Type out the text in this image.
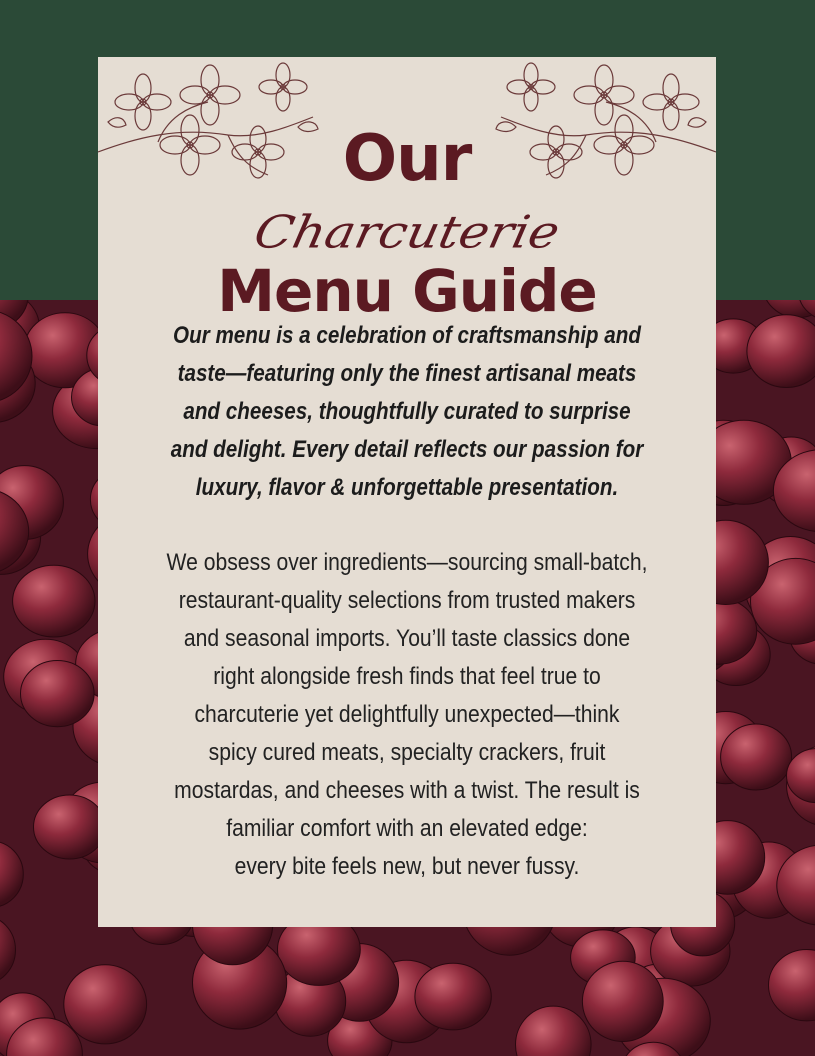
Our
Charcuterie
Menu Guide

Our menu is a celebration of craftsmanship and
taste—featuring only the finest artisanal meats
and cheeses, thoughtfully curated to surprise
and delight. Every detail reflects our passion for
luxury, flavor & unforgettable presentation.

We obsess over ingredients—sourcing small-batch,
restaurant-quality selections from trusted makers
and seasonal imports. You’ll taste classics done
right alongside fresh finds that feel true to
charcuterie yet delightfully unexpected—think
spicy cured meats, specialty crackers, fruit
mostardas, and cheeses with a twist. The result is
familiar comfort with an elevated edge:
every bite feels new, but never fussy.
